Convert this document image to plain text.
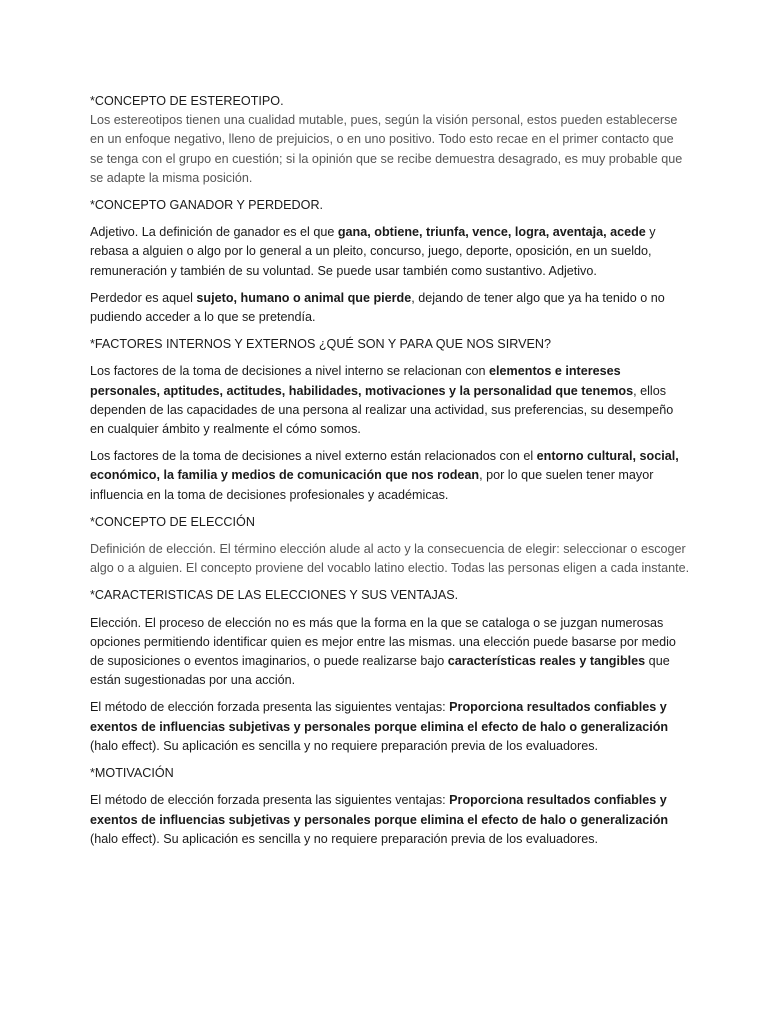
*CONCEPTO DE ESTEREOTIPO.

Los estereotipos tienen una cualidad mutable, pues, según la visión personal, estos pueden establecerse en un enfoque negativo, lleno de prejuicios, o en uno positivo. Todo esto recae en el primer contacto que se tenga con el grupo en cuestión; si la opinión que se recibe demuestra desagrado, es muy probable que se adapte la misma posición.

*CONCEPTO GANADOR Y PERDEDOR.

Adjetivo. La definición de ganador es el que gana, obtiene, triunfa, vence, logra, aventaja, acede y rebasa a alguien o algo por lo general a un pleito, concurso, juego, deporte, oposición, en un sueldo, remuneración y también de su voluntad. Se puede usar también como sustantivo. Adjetivo.

Perdedor es aquel sujeto, humano o animal que pierde, dejando de tener algo que ya ha tenido o no pudiendo acceder a lo que se pretendía.

*FACTORES INTERNOS Y EXTERNOS ¿QUÉ SON Y PARA QUE NOS SIRVEN?

Los factores de la toma de decisiones a nivel interno se relacionan con elementos e intereses personales, aptitudes, actitudes, habilidades, motivaciones y la personalidad que tenemos, ellos dependen de las capacidades de una persona al realizar una actividad, sus preferencias, su desempeño en cualquier ámbito y realmente el cómo somos.

Los factores de la toma de decisiones a nivel externo están relacionados con el entorno cultural, social, económico, la familia y medios de comunicación que nos rodean, por lo que suelen tener mayor influencia en la toma de decisiones profesionales y académicas.

*CONCEPTO DE ELECCIÓN

Definición de elección. El término elección alude al acto y la consecuencia de elegir: seleccionar o escoger algo o a alguien. El concepto proviene del vocablo latino electio. Todas las personas eligen a cada instante.

*CARACTERISTICAS DE LAS ELECCIONES Y SUS VENTAJAS.

Elección. El proceso de elección no es más que la forma en la que se cataloga o se juzgan numerosas opciones permitiendo identificar quien es mejor entre las mismas. una elección puede basarse por medio de suposiciones o eventos imaginarios, o puede realizarse bajo características reales y tangibles que están sugestionadas por una acción.

El método de elección forzada presenta las siguientes ventajas: Proporciona resultados confiables y exentos de influencias subjetivas y personales porque elimina el efecto de halo o generalización (halo effect). Su aplicación es sencilla y no requiere preparación previa de los evaluadores.

*MOTIVACIÓN

El método de elección forzada presenta las siguientes ventajas: Proporciona resultados confiables y exentos de influencias subjetivas y personales porque elimina el efecto de halo o generalización (halo effect). Su aplicación es sencilla y no requiere preparación previa de los evaluadores.
